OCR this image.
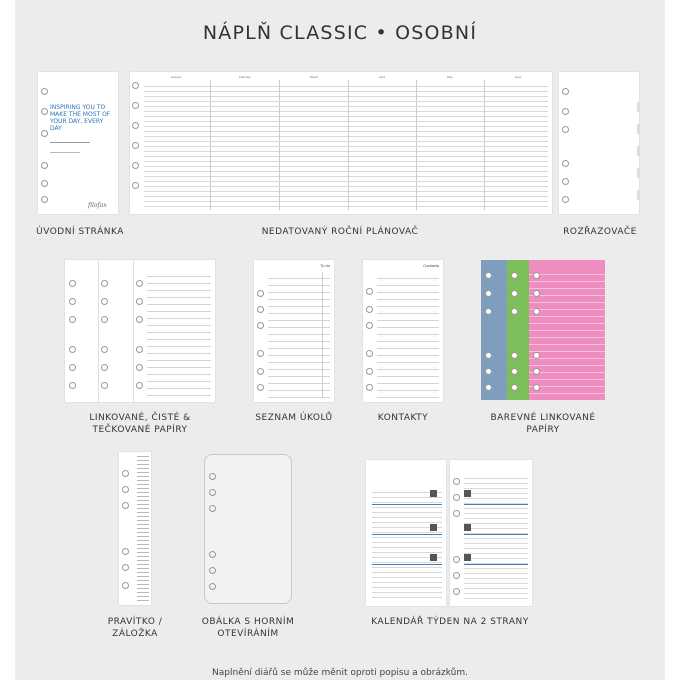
NÁPLŇ CLASSIC • OSOBNÍ
INSPIRING YOU TO MAKE THE MOST OF YOUR DAY, EVERY DAY
filofax
January	February	March	April	May	June
ÚVODNÍ STRÁNKA	NEDATOVANÝ ROČNÍ PLÁNOVAČ	ROZŘAZOVAČE
To do	Contacts
LINKOVANÉ, ČISTÉ &
TEČKOVANÉ PAPÍRY
SEZNAM ÚKOLŮ	KONTAKTY	BAREVNÉ LINKOVANÉ
PAPÍRY
PRAVÍTKO /
ZÁLOŽKA
OBÁLKA S HORNÍM
OTEVÍRÁNÍM
KALENDÁŘ TÝDEN NA 2 STRANY
Naplnění diářů se může měnit oproti popisu a obrázkům.
